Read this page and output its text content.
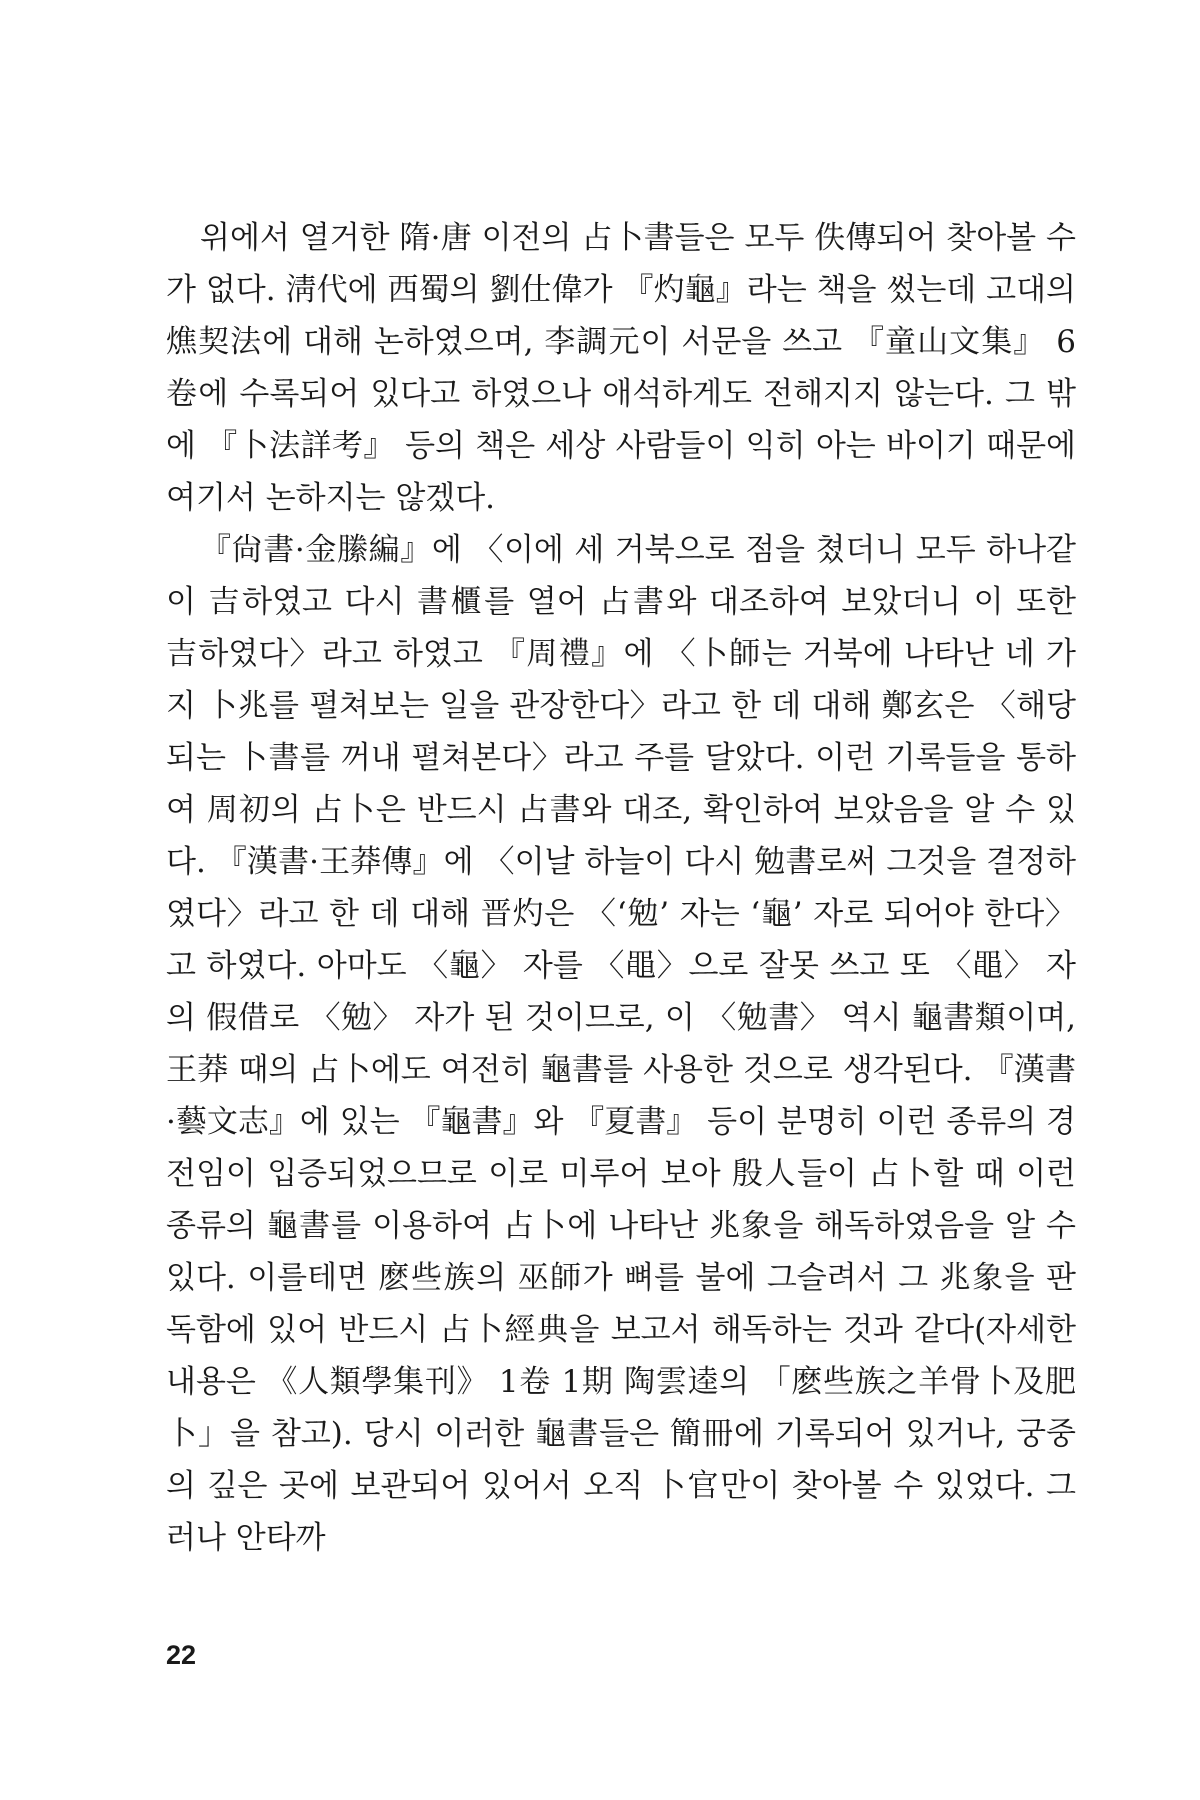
위에서 열거한 隋·唐 이전의 占卜書들은 모두 佚傳되어 찾아볼 수가 없다. 淸代에 西蜀의 劉仕偉가 『灼龜』라는 책을 썼는데 고대의 燋契法에 대해 논하였으며, 李調元이 서문을 쓰고 『童山文集』 6卷에 수록되어 있다고 하였으나 애석하게도 전해지지 않는다. 그 밖에 『卜法詳考』 등의 책은 세상 사람들이 익히 아는 바이기 때문에 여기서 논하지는 않겠다.

『尙書·金縢編』에 〈이에 세 거북으로 점을 쳤더니 모두 하나같이 吉하였고 다시 書櫃를 열어 占書와 대조하여 보았더니 이 또한 吉하였다〉라고 하였고 『周禮』에 〈卜師는 거북에 나타난 네 가지 卜兆를 펼쳐보는 일을 관장한다〉라고 한 데 대해 鄭玄은 〈해당되는 卜書를 꺼내 펼쳐본다〉라고 주를 달았다. 이런 기록들을 통하여 周初의 占卜은 반드시 占書와 대조, 확인하여 보았음을 알 수 있다. 『漢書·王莽傳』에 〈이날 하늘이 다시 勉書로써 그것을 결정하였다〉라고 한 데 대해 晋灼은 〈‘勉’ 자는 ‘龜’ 자로 되어야 한다〉고 하였다. 아마도 〈龜〉 자를 〈黽〉으로 잘못 쓰고 또 〈黽〉 자의 假借로 〈勉〉 자가 된 것이므로, 이 〈勉書〉 역시 龜書類이며, 王莽 때의 占卜에도 여전히 龜書를 사용한 것으로 생각된다. 『漢書·藝文志』에 있는 『龜書』와 『夏書』 등이 분명히 이런 종류의 경전임이 입증되었으므로 이로 미루어 보아 殷人들이 占卜할 때 이런 종류의 龜書를 이용하여 占卜에 나타난 兆象을 해독하였음을 알 수 있다. 이를테면 麽些族의 巫師가 뼈를 불에 그슬려서 그 兆象을 판독함에 있어 반드시 占卜經典을 보고서 해독하는 것과 같다(자세한 내용은 《人類學集刊》 1卷 1期 陶雲逵의 「麽些族之羊骨卜及肥卜」을 참고). 당시 이러한 龜書들은 簡冊에 기록되어 있거나, 궁중의 깊은 곳에 보관되어 있어서 오직 卜官만이 찾아볼 수 있었다. 그러나 안타까

22
